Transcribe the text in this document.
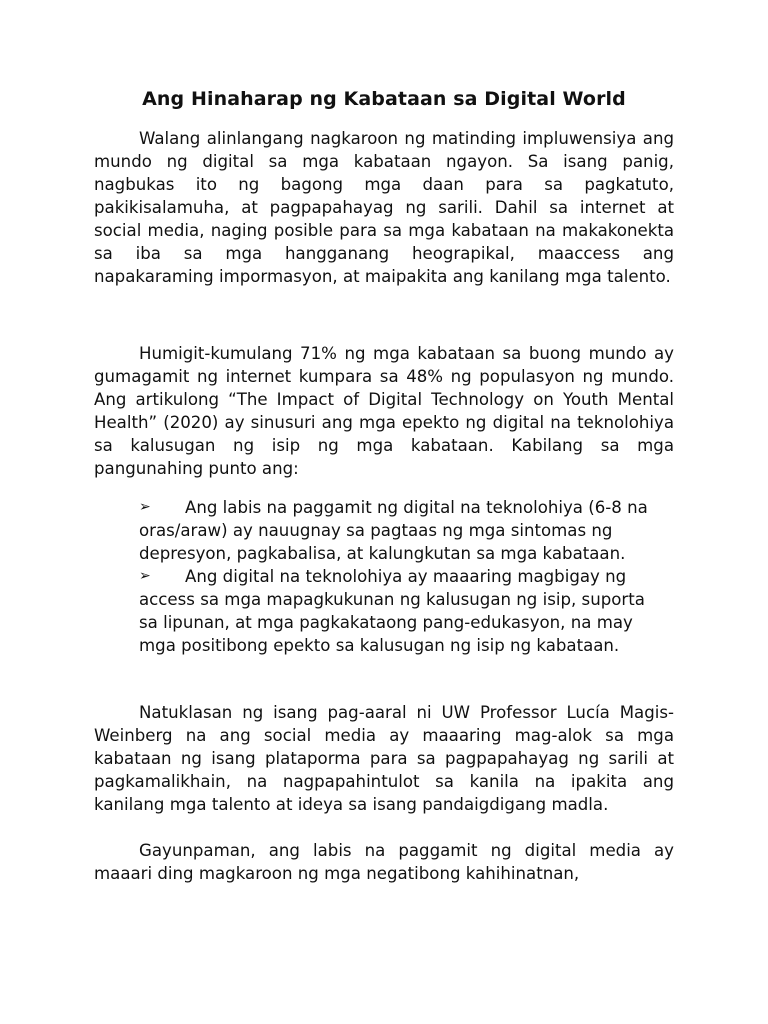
Ang Hinaharap ng Kabataan sa Digital World

Walang alinlangang nagkaroon ng matinding impluwensiya ang mundo ng digital sa mga kabataan ngayon. Sa isang panig, nagbukas ito ng bagong mga daan para sa pagkatuto, pakikisalamuha, at pagpapahayag ng sarili. Dahil sa internet at social media, naging posible para sa mga kabataan na makakonekta sa iba sa mga hangganang heograpikal, maaccess ang napakaraming impormasyon, at maipakita ang kanilang mga talento.

Humigit-kumulang 71% ng mga kabataan sa buong mundo ay gumagamit ng internet kumpara sa 48% ng populasyon ng mundo. Ang artikulong “The Impact of Digital Technology on Youth Mental Health” (2020) ay sinusuri ang mga epekto ng digital na teknolohiya sa kalusugan ng isip ng mga kabataan. Kabilang sa mga pangunahing punto ang:

➢ Ang labis na paggamit ng digital na teknolohiya (6-8 na oras/araw) ay nauugnay sa pagtaas ng mga sintomas ng depresyon, pagkabalisa, at kalungkutan sa mga kabataan.
➢ Ang digital na teknolohiya ay maaaring magbigay ng access sa mga mapagkukunan ng kalusugan ng isip, suporta sa lipunan, at mga pagkakataong pang-edukasyon, na may mga positibong epekto sa kalusugan ng isip ng kabataan.

Natuklasan ng isang pag-aaral ni UW Professor Lucía Magis-Weinberg na ang social media ay maaaring mag-alok sa mga kabataan ng isang plataporma para sa pagpapahayag ng sarili at pagkamalikhain, na nagpapahintulot sa kanila na ipakita ang kanilang mga talento at ideya sa isang pandaigdigang madla.

Gayunpaman, ang labis na paggamit ng digital media ay maaari ding magkaroon ng mga negatibong kahihinatnan,
